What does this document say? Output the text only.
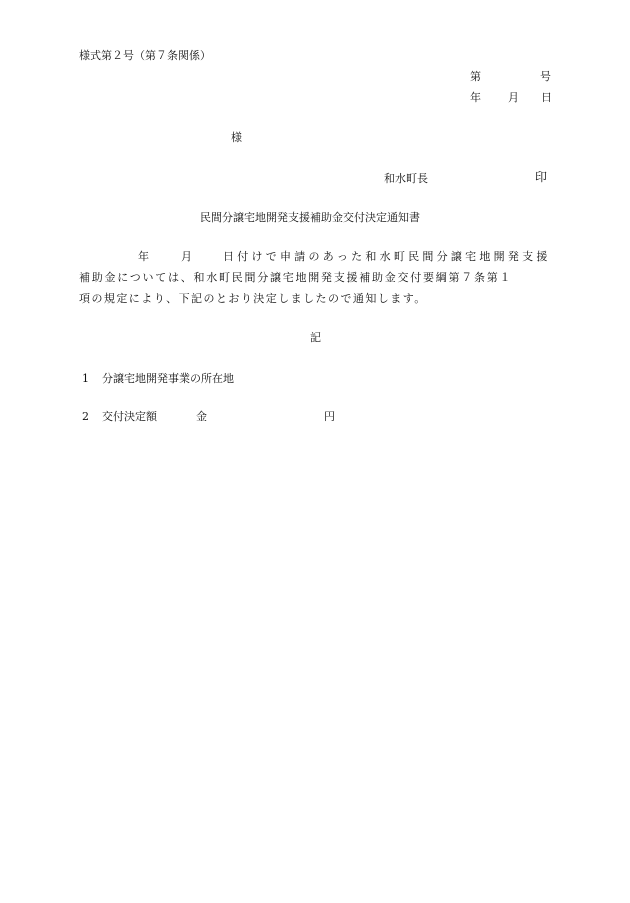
様式第２号（第７条関係）
第	号
年 月 日
様
和水町長	印
民間分譲宅地開発支援補助金交付決定通知書
年	月	日付けで申請のあった和水町民間分譲宅地開発支援
補助金については、和水町民間分譲宅地開発支援補助金交付要綱第７条第１
項の規定により、下記のとおり決定しましたので通知します。
記
1 分譲宅地開発事業の所在地
2 交付決定額	金	円
